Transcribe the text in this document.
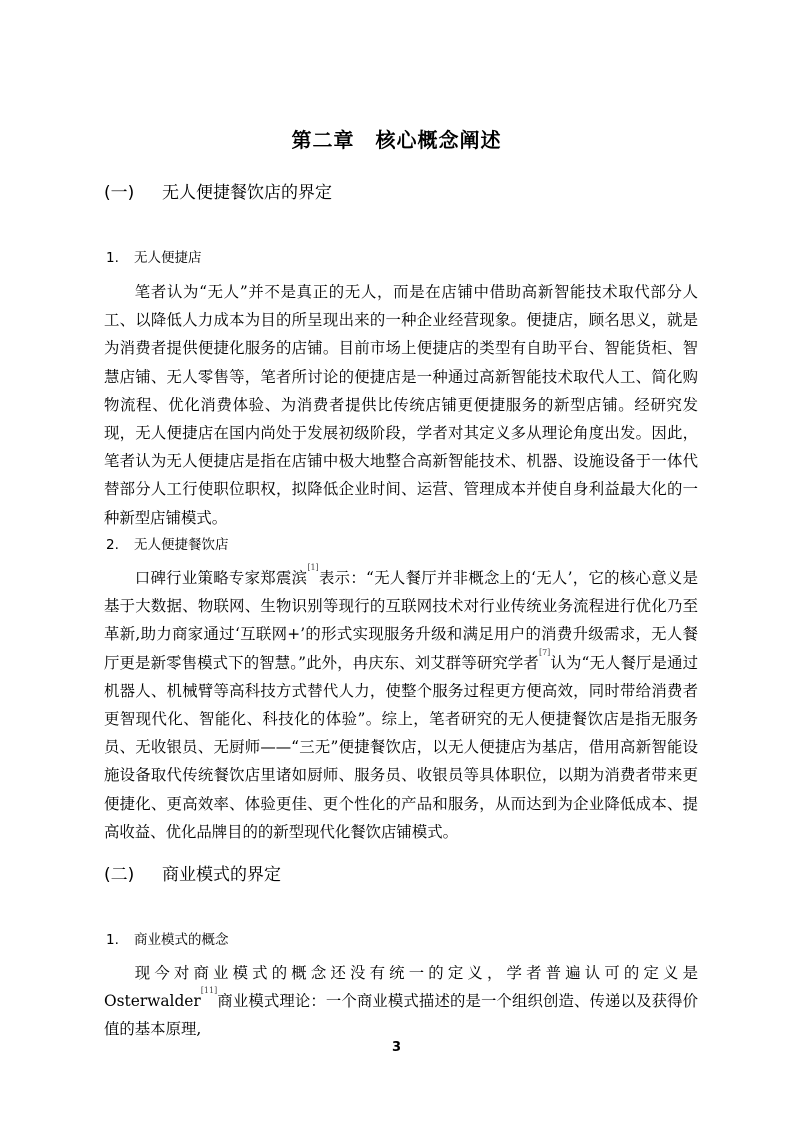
第二章　核心概念阐述
(一) 无人便捷餐饮店的界定
1. 无人便捷店

笔者认为“无人”并不是真正的无人，而是在店铺中借助高新智能技术取代部分人工、以降低人力成本为目的所呈现出来的一种企业经营现象。便捷店，顾名思义，就是为消费者提供便捷化服务的店铺。目前市场上便捷店的类型有自助平台、智能货柜、智慧店铺、无人零售等，笔者所讨论的便捷店是一种通过高新智能技术取代人工、简化购物流程、优化消费体验、为消费者提供比传统店铺更便捷服务的新型店铺。经研究发现，无人便捷店在国内尚处于发展初级阶段，学者对其定义多从理论角度出发。因此，笔者认为无人便捷店是指在店铺中极大地整合高新智能技术、机器、设施设备于一体代替部分人工行使职位职权，拟降低企业时间、运营、管理成本并使自身利益最大化的一种新型店铺模式。

2. 无人便捷餐饮店

口碑行业策略专家郑震滨[1]表示：“无人餐厅并非概念上的‘无人’，它的核心意义是基于大数据、物联网、生物识别等现行的互联网技术对行业传统业务流程进行优化乃至革新,助力商家通过‘互联网+’的形式实现服务升级和满足用户的消费升级需求，无人餐厅更是新零售模式下的智慧。”此外，冉庆东、刘艾群等研究学者[7]认为“无人餐厅是通过机器人、机械臂等高科技方式替代人力，使整个服务过程更方便高效，同时带给消费者更智现代化、智能化、科技化的体验”。综上，笔者研究的无人便捷餐饮店是指无服务员、无收银员、无厨师——“三无”便捷餐饮店，以无人便捷店为基店，借用高新智能设施设备取代传统餐饮店里诸如厨师、服务员、收银员等具体职位，以期为消费者带来更便捷化、更高效率、体验更佳、更个性化的产品和服务，从而达到为企业降低成本、提高收益、优化品牌目的的新型现代化餐饮店铺模式。

(二) 商业模式的界定
1. 商业模式的概念

现今对商业模式的概念还没有统一的定义，学者普遍认可的定义是 Osterwalder[11]商业模式理论：一个商业模式描述的是一个组织创造、传递以及获得价值的基本原理,

3
